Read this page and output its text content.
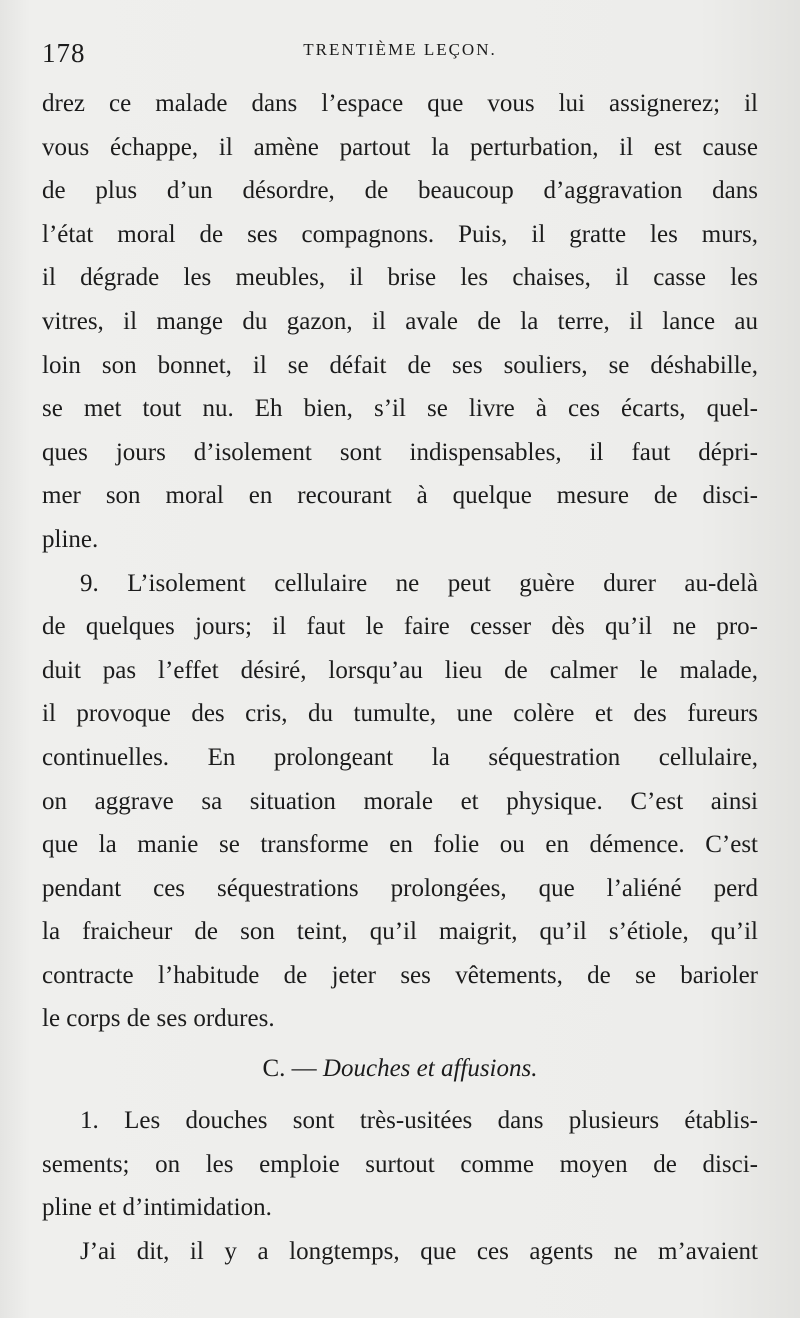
178	TRENTIÈME LEÇON.
drez ce malade dans l’espace que vous lui assignerez; il
vous échappe, il amène partout la perturbation, il est cause
de plus d’un désordre, de beaucoup d’aggravation dans
l’état moral de ses compagnons. Puis, il gratte les murs,
il dégrade les meubles, il brise les chaises, il casse les
vitres, il mange du gazon, il avale de la terre, il lance au
loin son bonnet, il se défait de ses souliers, se déshabille,
se met tout nu. Eh bien, s’il se livre à ces écarts, quel-
ques jours d’isolement sont indispensables, il faut dépri-
mer son moral en recourant à quelque mesure de disci-
pline.
9. L’isolement cellulaire ne peut guère durer au-delà
de quelques jours; il faut le faire cesser dès qu’il ne pro-
duit pas l’effet désiré, lorsqu’au lieu de calmer le malade,
il provoque des cris, du tumulte, une colère et des fureurs
continuelles. En prolongeant la séquestration cellulaire,
on aggrave sa situation morale et physique. C’est ainsi
que la manie se transforme en folie ou en démence. C’est
pendant ces séquestrations prolongées, que l’aliéné perd
la fraicheur de son teint, qu’il maigrit, qu’il s’étiole, qu’il
contracte l’habitude de jeter ses vêtements, de se barioler
le corps de ses ordures.
C. — Douches et affusions.
1. Les douches sont très-usitées dans plusieurs établis-
sements; on les emploie surtout comme moyen de disci-
pline et d’intimidation.
J’ai dit, il y a longtemps, que ces agents ne m’avaient
